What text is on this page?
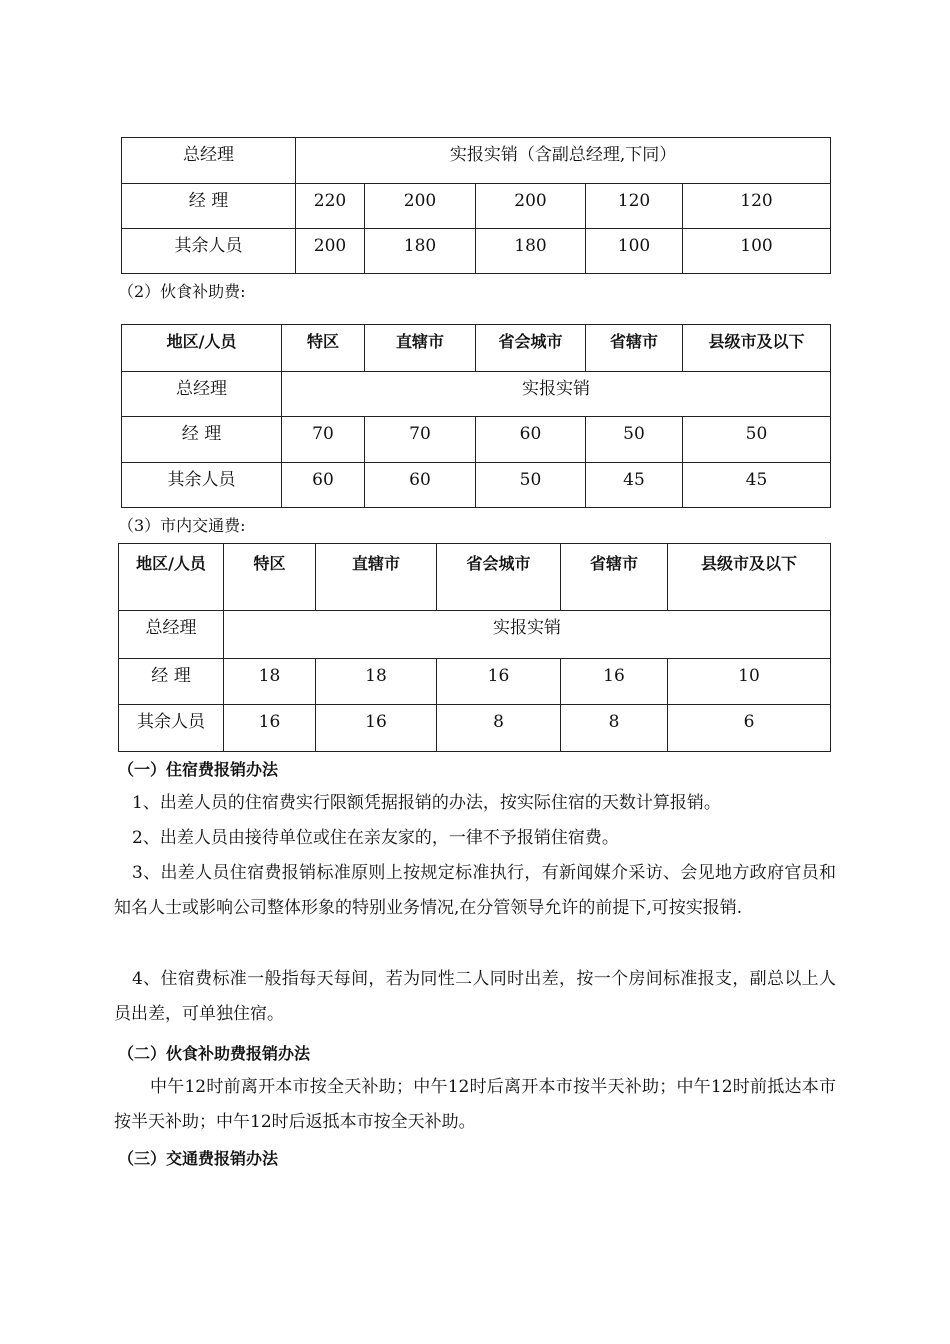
总经理	实报实销（含副总经理,下同）				
经 理	220	200	200	120	120
其余人员	200	180	180	100	100
（2）伙食补助费:
地区/人员	特区	直辖市	省会城市	省辖市	县级市及以下
总经理	实报实销				
经 理	70	70	60	50	50
其余人员	60	60	50	45	45
（3）市内交通费:
地区/人员	特区	直辖市	省会城市	省辖市	县级市及以下
总经理	实报实销				
经 理	18	18	16	16	10
其余人员	16	16	8	8	6
（一）住宿费报销办法
1、出差人员的住宿费实行限额凭据报销的办法，按实际住宿的天数计算报销。
2、出差人员由接待单位或住在亲友家的，一律不予报销住宿费。
3、出差人员住宿费报销标准原则上按规定标准执行，有新闻媒介采访、会见地方政府官员和知名人士或影响公司整体形象的特别业务情况,在分管领导允许的前提下,可按实报销.
4、住宿费标准一般指每天每间，若为同性二人同时出差，按一个房间标准报支，副总以上人员出差，可单独住宿。
（二）伙食补助费报销办法
中午12时前离开本市按全天补助；中午12时后离开本市按半天补助；中午12时前抵达本市按半天补助；中午12时后返抵本市按全天补助。
（三）交通费报销办法
